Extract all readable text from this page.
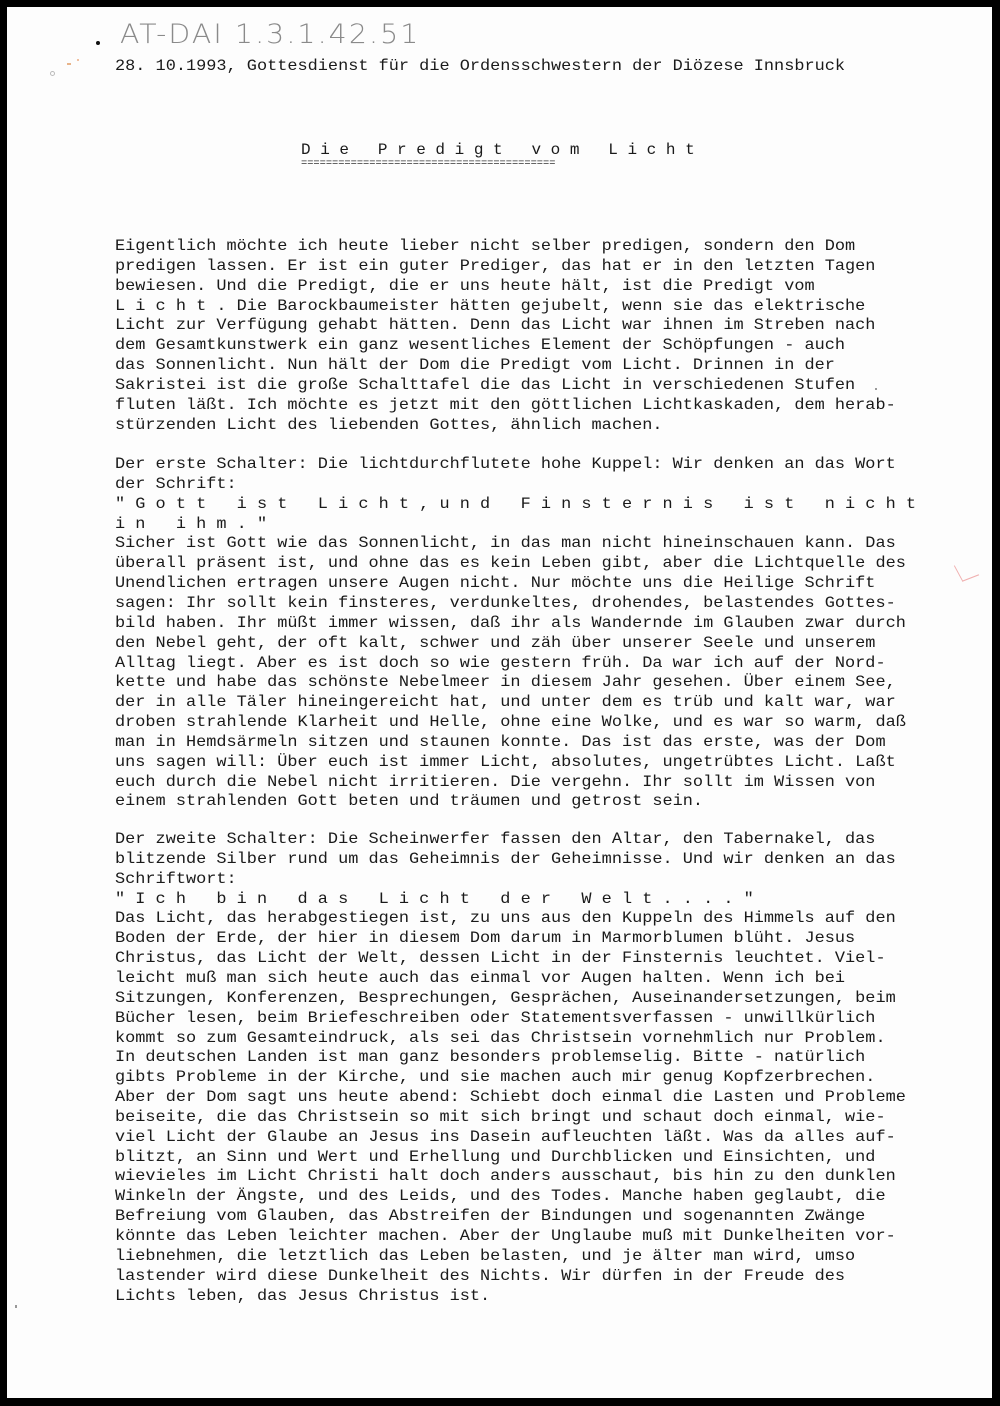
AT-DAI 1.3.1.42.51
28. 10.1993, Gottesdienst für die Ordensschwestern der Diözese Innsbruck
D i e   P r e d i g t   v o m   L i c h t
=========================================
Eigentlich möchte ich heute lieber nicht selber predigen, sondern den Dom
predigen lassen. Er ist ein guter Prediger, das hat er in den letzten Tagen
bewiesen. Und die Predigt, die er uns heute hält, ist die Predigt vom
L i c h t . Die Barockbaumeister hätten gejubelt, wenn sie das elektrische
Licht zur Verfügung gehabt hätten. Denn das Licht war ihnen im Streben nach
dem Gesamtkunstwerk ein ganz wesentliches Element der Schöpfungen - auch
das Sonnenlicht. Nun hält der Dom die Predigt vom Licht. Drinnen in der
Sakristei ist die große Schalttafel die das Licht in verschiedenen Stufen
fluten läßt. Ich möchte es jetzt mit den göttlichen Lichtkaskaden, dem herab-
stürzenden Licht des liebenden Gottes, ähnlich machen.
Der erste Schalter: Die lichtdurchflutete hohe Kuppel: Wir denken an das Wort
der Schrift:
" G o t t   i s t   L i c h t , u n d   F i n s t e r n i s   i s t   n i c h t
i n   i h m . "
Sicher ist Gott wie das Sonnenlicht, in das man nicht hineinschauen kann. Das
überall präsent ist, und ohne das es kein Leben gibt, aber die Lichtquelle des
Unendlichen ertragen unsere Augen nicht. Nur möchte uns die Heilige Schrift
sagen: Ihr sollt kein finsteres, verdunkeltes, drohendes, belastendes Gottes-
bild haben. Ihr müßt immer wissen, daß ihr als Wandernde im Glauben zwar durch
den Nebel geht, der oft kalt, schwer und zäh über unserer Seele und unserem
Alltag liegt. Aber es ist doch so wie gestern früh. Da war ich auf der Nord-
kette und habe das schönste Nebelmeer in diesem Jahr gesehen. Über einem See,
der in alle Täler hineingereicht hat, und unter dem es trüb und kalt war, war
droben strahlende Klarheit und Helle, ohne eine Wolke, und es war so warm, daß
man in Hemdsärmeln sitzen und staunen konnte. Das ist das erste, was der Dom
uns sagen will: Über euch ist immer Licht, absolutes, ungetrübtes Licht. Laßt
euch durch die Nebel nicht irritieren. Die vergehn. Ihr sollt im Wissen von
einem strahlenden Gott beten und träumen und getrost sein.
Der zweite Schalter: Die Scheinwerfer fassen den Altar, den Tabernakel, das
blitzende Silber rund um das Geheimnis der Geheimnisse. Und wir denken an das
Schriftwort:
" I c h   b i n   d a s   L i c h t   d e r   W e l t . . . . "
Das Licht, das herabgestiegen ist, zu uns aus den Kuppeln des Himmels auf den
Boden der Erde, der hier in diesem Dom darum in Marmorblumen blüht. Jesus
Christus, das Licht der Welt, dessen Licht in der Finsternis leuchtet. Viel-
leicht muß man sich heute auch das einmal vor Augen halten. Wenn ich bei
Sitzungen, Konferenzen, Besprechungen, Gesprächen, Auseinandersetzungen, beim
Bücher lesen, beim Briefeschreiben oder Statementsverfassen - unwillkürlich
kommt so zum Gesamteindruck, als sei das Christsein vornehmlich nur Problem.
In deutschen Landen ist man ganz besonders problemselig. Bitte - natürlich
gibts Probleme in der Kirche, und sie machen auch mir genug Kopfzerbrechen.
Aber der Dom sagt uns heute abend: Schiebt doch einmal die Lasten und Probleme
beiseite, die das Christsein so mit sich bringt und schaut doch einmal, wie-
viel Licht der Glaube an Jesus ins Dasein aufleuchten läßt. Was da alles auf-
blitzt, an Sinn und Wert und Erhellung und Durchblicken und Einsichten, und
wievieles im Licht Christi halt doch anders ausschaut, bis hin zu den dunklen
Winkeln der Ängste, und des Leids, und des Todes. Manche haben geglaubt, die
Befreiung vom Glauben, das Abstreifen der Bindungen und sogenannten Zwänge
könnte das Leben leichter machen. Aber der Unglaube muß mit Dunkelheiten vor-
liebnehmen, die letztlich das Leben belasten, und je älter man wird, umso
lastender wird diese Dunkelheit des Nichts. Wir dürfen in der Freude des
Lichts leben, das Jesus Christus ist.
